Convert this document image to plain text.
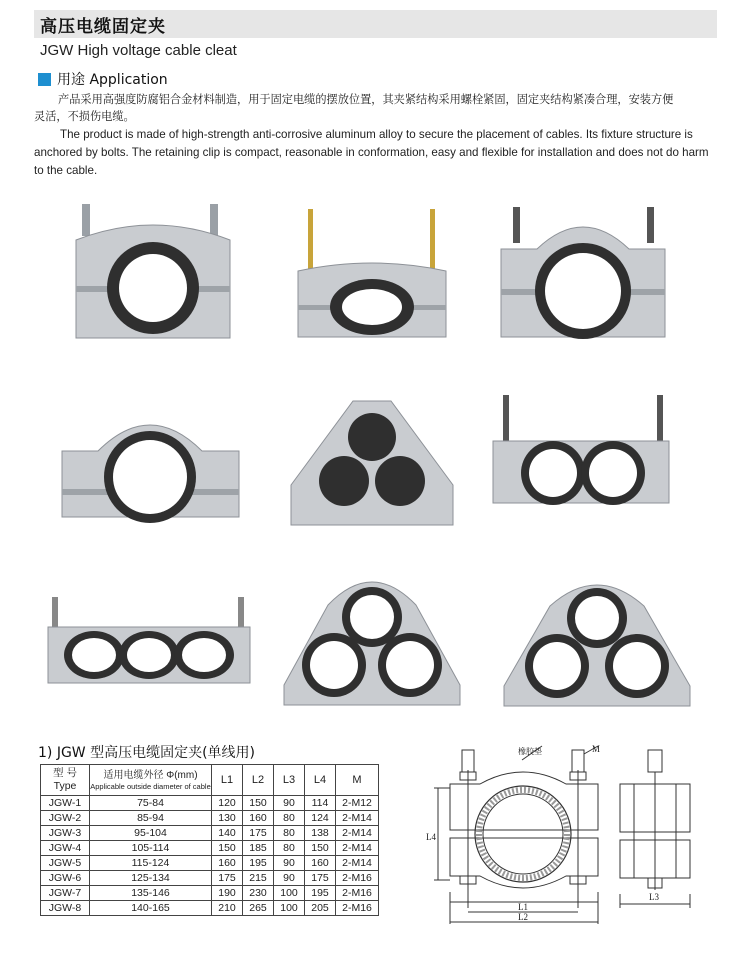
高压电缆固定夹
JGW High voltage cable cleat
用途 Application
产品采用高强度防腐铝合金材料制造，用于固定电缆的摆放位置，其夹紧结构采用螺栓紧固，固定夹结构紧凑合理，安装方便
灵活，不损伤电缆。
The product is made of high-strength anti-corrosive aluminum alloy to secure the placement of cables. Its fixture structure is
anchored by bolts. The retaining clip is compact, reasonable in conformation, easy and flexible for installation and does not do harm
to the cable.
1) JGW 型高压电缆固定夹(单线用)
型 号
Type	适用电缆外径 Φ(mm)
Applicable outside diameter of cable	L1	L2	L3	L4	M
JGW-1	75-84	120	150	90	114	2-M12
JGW-2	85-94	130	160	80	124	2-M14
JGW-3	95-104	140	175	80	138	2-M14
JGW-4	105-114	150	185	80	150	2-M14
JGW-5	115-124	160	195	90	160	2-M14
JGW-6	125-134	175	215	90	175	2-M16
JGW-7	135-146	190	230	100	195	2-M16
JGW-8	140-165	210	265	100	205	2-M16
橡胶垫	M
L4
L1
L2
L3
